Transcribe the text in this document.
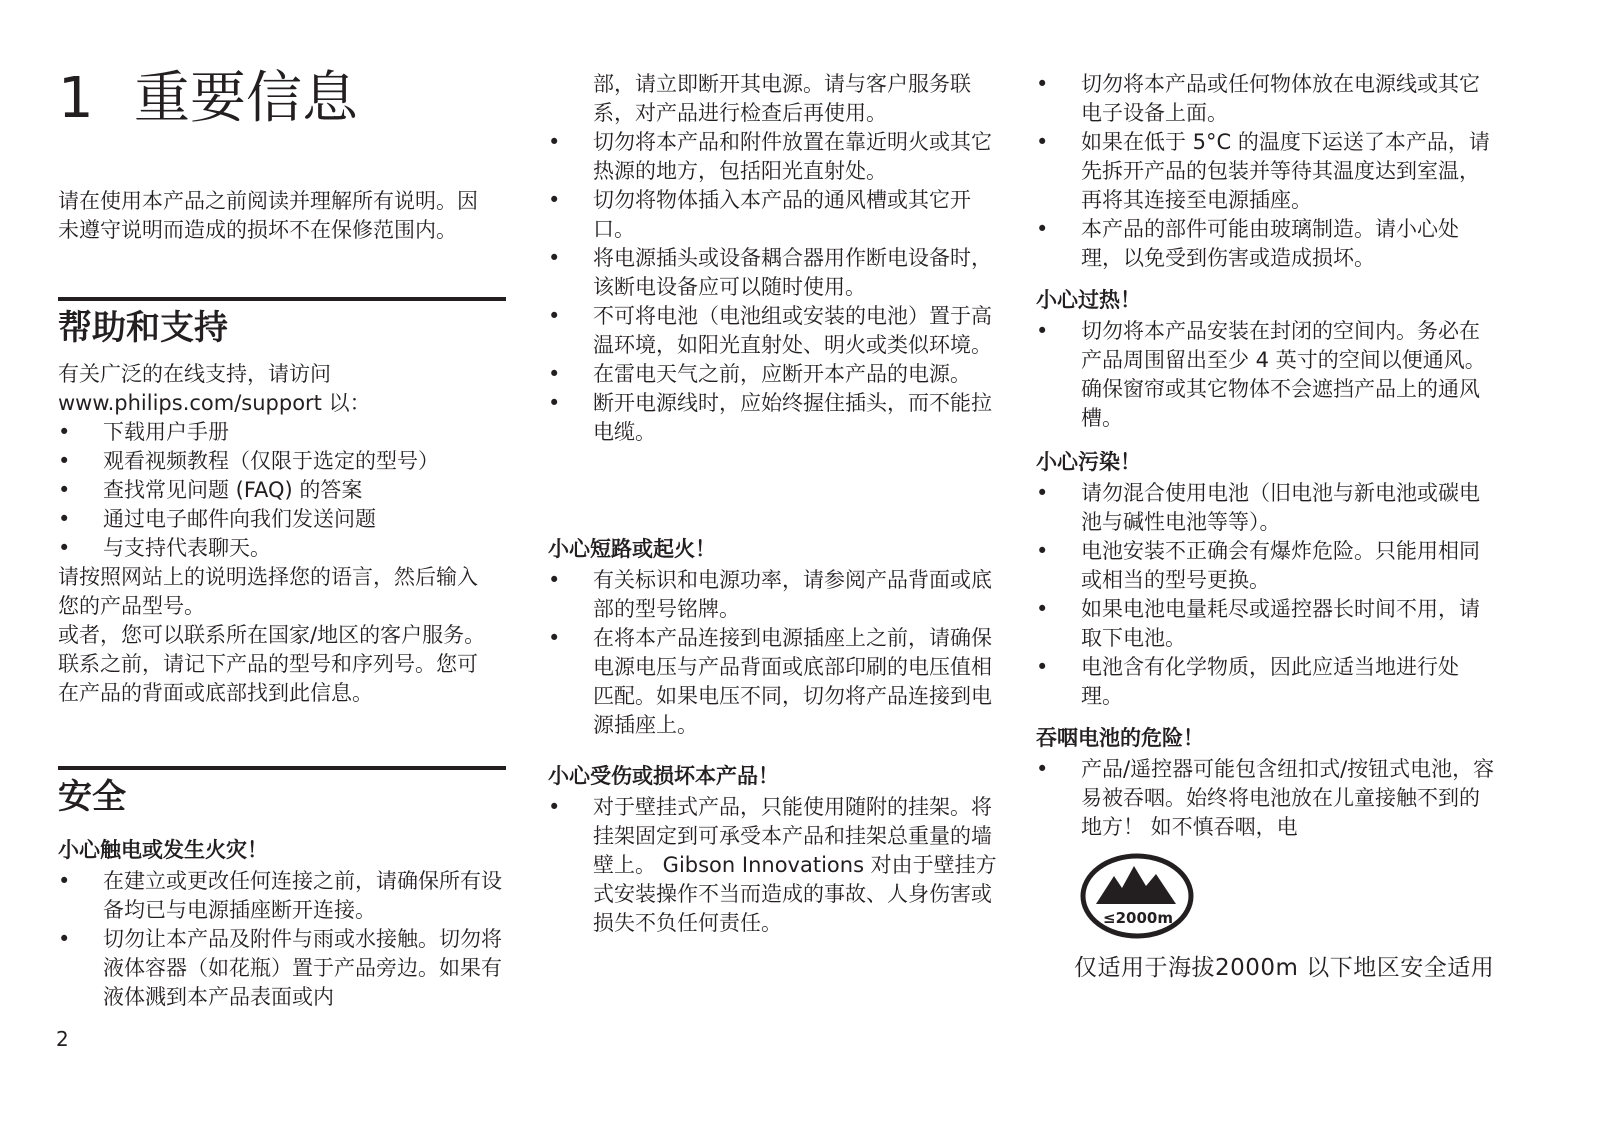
1 重要信息

请在使用本产品之前阅读并理解所有说明。因未遵守说明而造成的损坏不在保修范围内。

帮助和支持

有关广泛的在线支持，请访问

www.philips.com/support 以：

• 下载用户手册
• 观看视频教程（仅限于选定的型号）
• 查找常见问题 (FAQ) 的答案
• 通过电子邮件向我们发送问题
• 与支持代表聊天。

请按照网站上的说明选择您的语言，然后输入您的产品型号。

或者，您可以联系所在国家/地区的客户服务。联系之前，请记下产品的型号和序列号。您可在产品的背面或底部找到此信息。

安全
小心触电或发生火灾！
• 在建立或更改任何连接之前，请确保所有设备均已与电源插座断开连接。
• 切勿让本产品及附件与雨或水接触。切勿将液体容器（如花瓶）置于产品旁边。如果有液体溅到本产品表面或内
2

部，请立即断开其电源。请与客户服务联系，对产品进行检查后再使用。

• 切勿将本产品和附件放置在靠近明火或其它热源的地方，包括阳光直射处。
• 切勿将物体插入本产品的通风槽或其它开口。
• 将电源插头或设备耦合器用作断电设备时，该断电设备应可以随时使用。
• 不可将电池（电池组或安装的电池）置于高温环境，如阳光直射处、明火或类似环境。
• 在雷电天气之前，应断开本产品的电源。
• 断开电源线时，应始终握住插头，而不能拉电缆。
小心短路或起火！
• 有关标识和电源功率，请参阅产品背面或底部的型号铭牌。
• 在将本产品连接到电源插座上之前，请确保电源电压与产品背面或底部印刷的电压值相匹配。如果电压不同，切勿将产品连接到电源插座上。
小心受伤或损坏本产品！
• 对于壁挂式产品，只能使用随附的挂架。将挂架固定到可承受本产品和挂架总重量的墙壁上。 Gibson Innovations 对由于壁挂方式安装操作不当而造成的事故、人身伤害或损失不负任何责任。
• 切勿将本产品或任何物体放在电源线或其它电子设备上面。
• 如果在低于 5°C 的温度下运送了本产品，请先拆开产品的包装并等待其温度达到室温，再将其连接至电源插座。
• 本产品的部件可能由玻璃制造。请小心处理，以免受到伤害或造成损坏。
小心过热！
• 切勿将本产品安装在封闭的空间内。务必在产品周围留出至少 4 英寸的空间以便通风。确保窗帘或其它物体不会遮挡产品上的通风槽。
小心污染！
• 请勿混合使用电池（旧电池与新电池或碳电池与碱性电池等等）。
• 电池安装不正确会有爆炸危险。只能用相同或相当的型号更换。
• 如果电池电量耗尽或遥控器长时间不用，请取下电池。
• 电池含有化学物质，因此应适当地进行处理。
吞咽电池的危险！
• 产品/遥控器可能包含纽扣式/按钮式电池，容易被吞咽。始终将电池放在儿童接触不到的地方！ 如不慎吞咽，电
≤2000m
仅适用于海拔2000m 以下地区安全适用
